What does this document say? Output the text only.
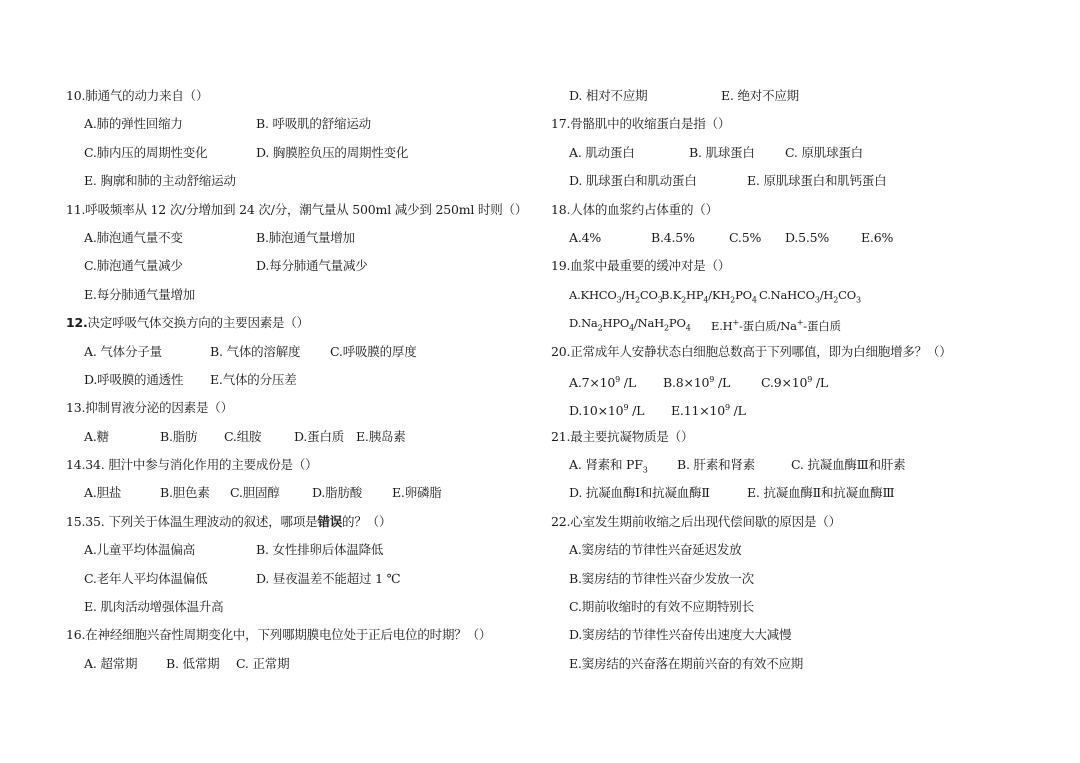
10.肺通气的动力来自（）
A.肺的弹性回缩力	B. 呼吸肌的舒缩运动
C.肺内压的周期性变化	D. 胸膜腔负压的周期性变化
E. 胸廓和肺的主动舒缩运动
11.呼吸频率从 12 次/分增加到 24 次/分，潮气量从 500ml 减少到 250ml 时则（）
A.肺泡通气量不变	B.肺泡通气量增加
C.肺泡通气量减少	D.每分肺通气量减少
E.每分肺通气量增加
12.决定呼吸气体交换方向的主要因素是（）
A. 气体分子量	B. 气体的溶解度	C.呼吸膜的厚度
D.呼吸膜的通透性	E.气体的分压差
13.抑制胃液分泌的因素是（）
A.糖	B.脂肪	C.组胺	D.蛋白质 E.胰岛素
14.34. 胆汁中参与消化作用的主要成份是（）
A.胆盐	B.胆色素	C.胆固醇	D.脂肪酸	E.卵磷脂
15.35. 下列关于体温生理波动的叙述，哪项是错误的？（）
A.儿童平均体温偏高	B. 女性排卵后体温降低
C.老年人平均体温偏低	D. 昼夜温差不能超过 1 ℃
E. 肌肉活动增强体温升高
16.在神经细胞兴奋性周期变化中，下列哪期膜电位处于正后电位的时期？（）
A. 超常期	B. 低常期	C. 正常期
D. 相对不应期	E. 绝对不应期
17.骨骼肌中的收缩蛋白是指（）
A. 肌动蛋白	B. 肌球蛋白	C. 原肌球蛋白
D. 肌球蛋白和肌动蛋白	E. 原肌球蛋白和肌钙蛋白
18.人体的血浆约占体重的（）
A.4%	B.4.5%	C.5%	D.5.5%	E.6%
19.血浆中最重要的缓冲对是（）
$A.KHCO_3/H_2CO_3$
$B.K_2HP_4/KH_2PO_4$ $C.NaHCO_3/H_2CO_3$
$D.Na_2HPO_4/NaH_2PO_4$	E.H+-蛋白质/Na+-蛋白质
20.正常成年人安静状态白细胞总数高于下列哪值，即为白细胞增多？（）
$A.7\times 10^9$ /L	$B.8\times 10^9$ /L	$C.9\times 10^9$ /L
$D.10\times 10^9$ /L	$E.11\times 10^9$ /L
21.最主要抗凝物质是（）
A. 肾素和 $PF_3$	B. 肝素和肾素	C. 抗凝血酶Ⅲ和肝素
D. 抗凝血酶Ⅰ和抗凝血酶Ⅱ	E. 抗凝血酶Ⅱ和抗凝血酶Ⅲ
22.心室发生期前收缩之后出现代偿间歇的原因是（）
A.窦房结的节律性兴奋延迟发放
B.窦房结的节律性兴奋少发放一次
C.期前收缩时的有效不应期特别长
D.窦房结的节律性兴奋传出速度大大减慢
E.窦房结的兴奋落在期前兴奋的有效不应期
